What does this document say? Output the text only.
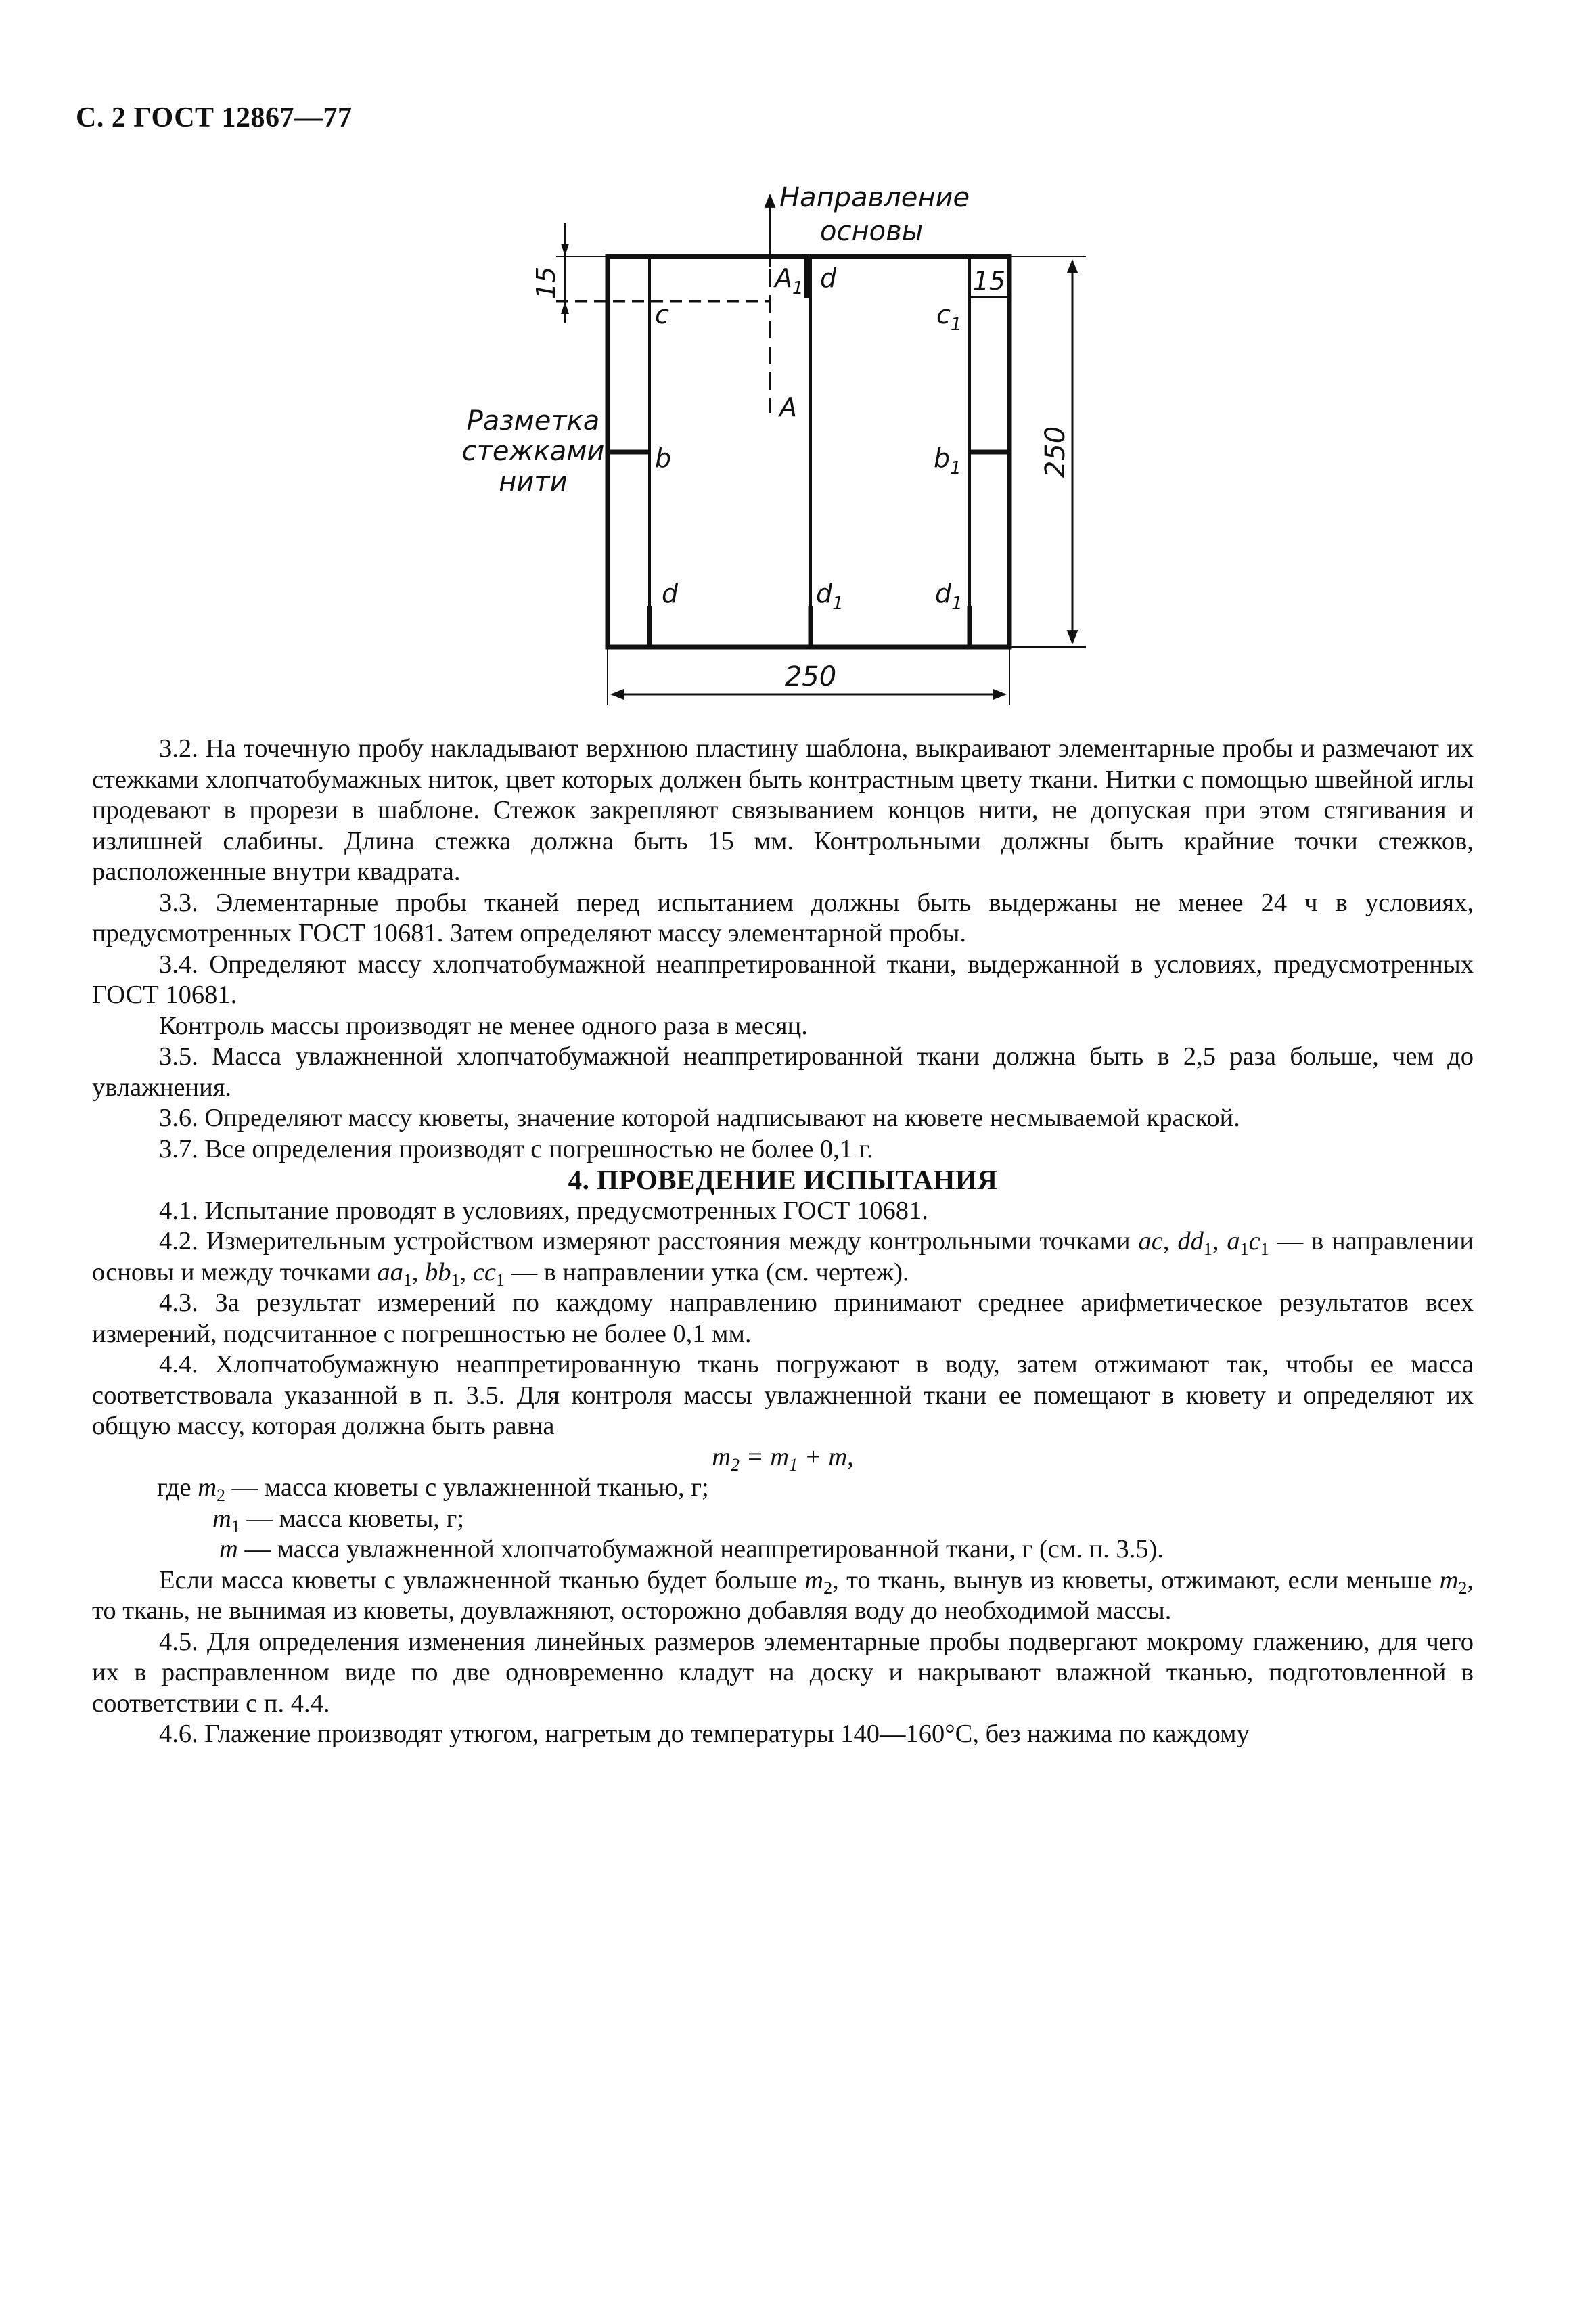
С. 2 ГОСТ 12867—77
15	15
250
250
Направление
основы
Разметка
стежками
нити
$A_1$ d
c	$c_1$
A
b	$b_1$
d	$d_1$	$d_1$

3.2. На точечную пробу накладывают верхнюю пластину шаблона, выкраивают элементарные пробы и размечают их стежками хлопчатобумажных ниток, цвет которых должен быть контрастным цвету ткани. Нитки с помощью швейной иглы продевают в прорези в шаблоне. Стежок закрепляют связыванием концов нити, не допуская при этом стягивания и излишней слабины. Длина стежка должна быть 15 мм. Контрольными должны быть крайние точки стежков, расположенные внутри квадрата.

3.3. Элементарные пробы тканей перед испытанием должны быть выдержаны не менее 24 ч в условиях, предусмотренных ГОСТ 10681. Затем определяют массу элементарной пробы.

3.4. Определяют массу хлопчатобумажной неаппретированной ткани, выдержанной в условиях, предусмотренных ГОСТ 10681.

Контроль массы производят не менее одного раза в месяц.

3.5. Масса увлажненной хлопчатобумажной неаппретированной ткани должна быть в 2,5 раза больше, чем до увлажнения.

3.6. Определяют массу кюветы, значение которой надписывают на кювете несмываемой краской.

3.7. Все определения производят с погрешностью не более 0,1 г.

4. ПРОВЕДЕНИЕ ИСПЫТАНИЯ

4.1. Испытание проводят в условиях, предусмотренных ГОСТ 10681.

4.2. Измерительным устройством измеряют расстояния между контрольными точками ac, $dd_1$, $a_1c_1$ — в направлении основы и между точками $aa_1$, $bb_1$, $cc_1$ — в направлении утка (см. чертеж).

4.3. За результат измерений по каждому направлению принимают среднее арифметическое результатов всех измерений, подсчитанное с погрешностью не более 0,1 мм.

4.4. Хлопчатобумажную неаппретированную ткань погружают в воду, затем отжимают так, чтобы ее масса соответствовала указанной в п. 3.5. Для контроля массы увлажненной ткани ее помещают в кювету и определяют их общую массу, которая должна быть равна

$m_2 = m_1 + m$,

где $m_2$ — масса кюветы с увлажненной тканью, г;

$m_1$ — масса кюветы, г;

m — масса увлажненной хлопчатобумажной неаппретированной ткани, г (см. п. 3.5).

Если масса кюветы с увлажненной тканью будет больше $m_2$, то ткань, вынув из кюветы, отжимают, если меньше $m_2$, то ткань, не вынимая из кюветы, доувлажняют, осторожно добавляя воду до необходимой массы.

4.5. Для определения изменения линейных размеров элементарные пробы подвергают мокрому глажению, для чего их в расправленном виде по две одновременно кладут на доску и накрывают влажной тканью, подготовленной в соответствии с п. 4.4.

4.6. Глажение производят утюгом, нагретым до температуры 140—160°С, без нажима по каждому
